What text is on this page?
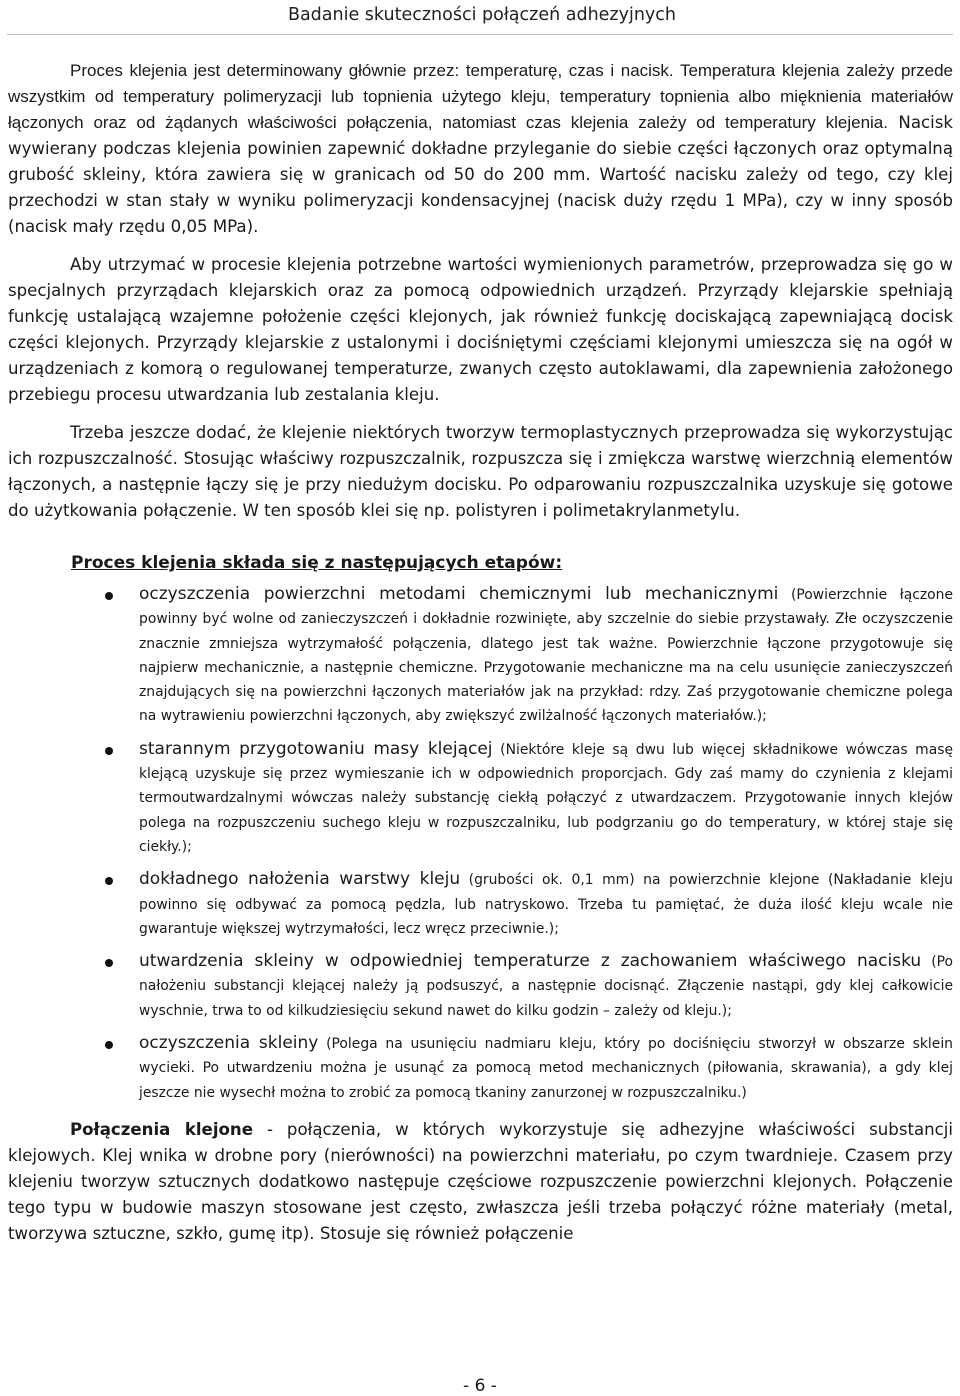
Badanie skuteczności połączeń adhezyjnych

Proces klejenia jest determinowany głównie przez: temperaturę, czas i nacisk. Temperatura klejenia zależy przede wszystkim od temperatury polimeryzacji lub topnienia użytego kleju, temperatury topnienia albo mięknienia materiałów łączonych oraz od żądanych właściwości połączenia, natomiast czas klejenia zależy od temperatury klejenia. Nacisk wywierany podczas klejenia powinien zapewnić dokładne przyleganie do siebie części łączonych oraz optymalną grubość skleiny, która zawiera się w granicach od 50 do 200 mm. Wartość nacisku zależy od tego, czy klej przechodzi w stan stały w wyniku polimeryzacji kondensacyjnej (nacisk duży rzędu 1 MPa), czy w inny sposób (nacisk mały rzędu 0,05 MPa).

Aby utrzymać w procesie klejenia potrzebne wartości wymienionych parametrów, przeprowadza się go w specjalnych przyrządach klejarskich oraz za pomocą odpowiednich urządzeń. Przyrządy klejarskie spełniają funkcję ustalającą wzajemne położenie części klejonych, jak również funkcję dociskającą zapewniającą docisk części klejonych. Przyrządy klejarskie z ustalonymi i dociśniętymi częściami klejonymi umieszcza się na ogół w urządzeniach z komorą o regulowanej temperaturze, zwanych często autoklawami, dla zapewnienia założonego przebiegu procesu utwardzania lub zestalania kleju.

Trzeba jeszcze dodać, że klejenie niektórych tworzyw termoplastycznych przeprowadza się wykorzystując ich rozpuszczalność. Stosując właściwy rozpuszczalnik, rozpuszcza się i zmiękcza warstwę wierzchnią elementów łączonych, a następnie łączy się je przy niedużym docisku. Po odparowaniu rozpuszczalnika uzyskuje się gotowe do użytkowania połączenie. W ten sposób klei się np. polistyren i polimetakrylanmetylu.

Proces klejenia składa się z następujących etapów:
oczyszczenia powierzchni metodami chemicznymi lub mechanicznymi (Powierzchnie łączone powinny być wolne od zanieczyszczeń i dokładnie rozwinięte, aby szczelnie do siebie przystawały. Złe oczyszczenie znacznie zmniejsza wytrzymałość połączenia, dlatego jest tak ważne. Powierzchnie łączone przygotowuje się najpierw mechanicznie, a następnie chemiczne. Przygotowanie mechaniczne ma na celu usunięcie zanieczyszczeń znajdujących się na powierzchni łączonych materiałów jak na przykład: rdzy. Zaś przygotowanie chemiczne polega na wytrawieniu powierzchni łączonych, aby zwiększyć zwilżalność łączonych materiałów.);
starannym przygotowaniu masy klejącej (Niektóre kleje są dwu lub więcej składnikowe wówczas masę klejącą uzyskuje się przez wymieszanie ich w odpowiednich proporcjach. Gdy zaś mamy do czynienia z klejami termoutwardzalnymi wówczas należy substancję ciekłą połączyć z utwardzaczem. Przygotowanie innych klejów polega na rozpuszczeniu suchego kleju w rozpuszczalniku, lub podgrzaniu go do temperatury, w której staje się ciekły.);
dokładnego nałożenia warstwy kleju (grubości ok. 0,1 mm) na powierzchnie klejone (Nakładanie kleju powinno się odbywać za pomocą pędzla, lub natryskowo. Trzeba tu pamiętać, że duża ilość kleju wcale nie gwarantuje większej wytrzymałości, lecz wręcz przeciwnie.);
utwardzenia skleiny w odpowiedniej temperaturze z zachowaniem właściwego nacisku (Po nałożeniu substancji klejącej należy ją podsuszyć, a następnie docisnąć. Złączenie nastąpi, gdy klej całkowicie wyschnie, trwa to od kilkudziesięciu sekund nawet do kilku godzin – zależy od kleju.);
oczyszczenia skleiny (Polega na usunięciu nadmiaru kleju, który po dociśnięciu stworzył w obszarze sklein wycieki. Po utwardzeniu można je usunąć za pomocą metod mechanicznych (piłowania, skrawania), a gdy klej jeszcze nie wysechł można to zrobić za pomocą tkaniny zanurzonej w rozpuszczalniku.)

Połączenia klejone - połączenia, w których wykorzystuje się adhezyjne właściwości substancji klejowych. Klej wnika w drobne pory (nierówności) na powierzchni materiału, po czym twardnieje. Czasem przy klejeniu tworzyw sztucznych dodatkowo następuje częściowe rozpuszczenie powierzchni klejonych. Połączenie tego typu w budowie maszyn stosowane jest często, zwłaszcza jeśli trzeba połączyć różne materiały (metal, tworzywa sztuczne, szkło, gumę itp). Stosuje się również połączenie

- 6 -
